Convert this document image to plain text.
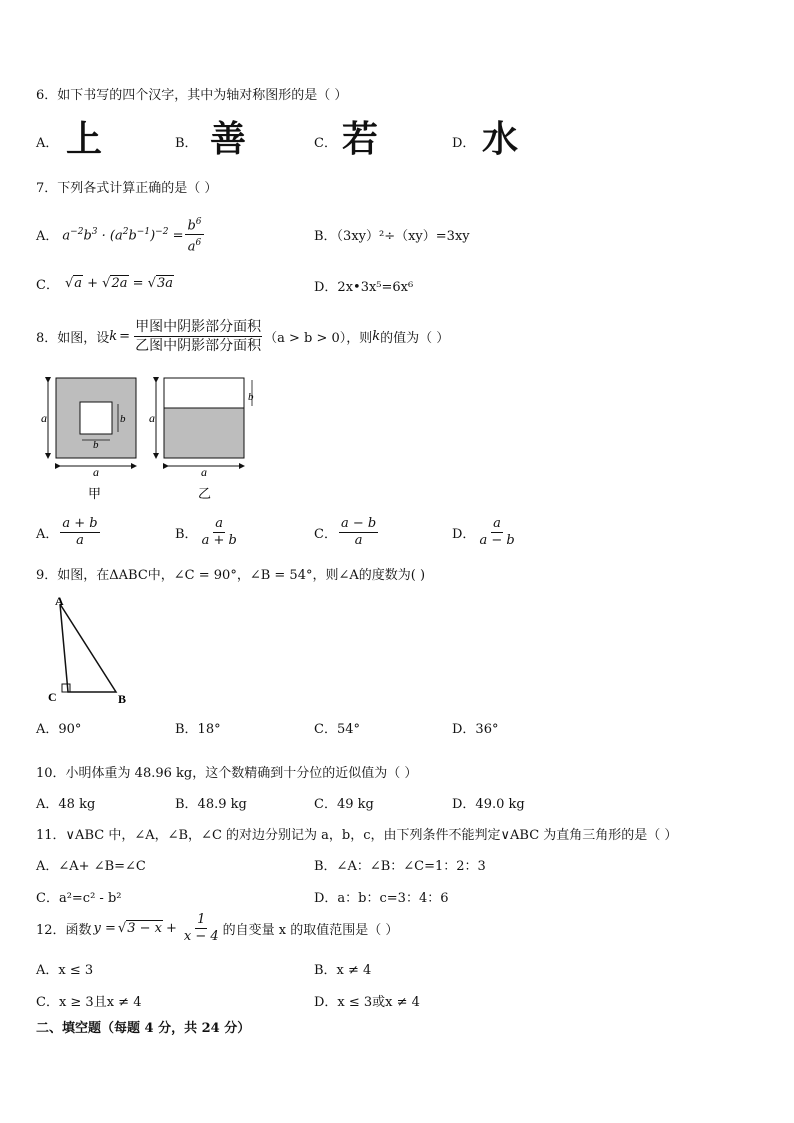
6．如下书写的四个汉字，其中为轴对称图形的是（ ）
A． 上	B． 善	C． 若	D． 水
7．下列各式计算正确的是（ ）
A． $a^{-2}b^3 \cdot (a^2b^{-1})^{-2} = \frac{b^6}{a^6}$	B．（3xy）²÷（xy）=3xy
C． √a + √2a = √3a	D．2x•3x⁵=6x⁶
8．如图，设 $k = \frac{\text{甲图中阴影部分面积}}{\text{乙图中阴影部分面积}} (a > b > 0)$，则 k 的值为（ ）
a
a
b
b
甲
a
a
b
乙
A． $\frac{a + b}{a}$	B． $\frac{a}{a + b}$	C． $\frac{a - b}{a}$	D． $\frac{a}{a - b}$
9．如图，在ΔABC中，∠C = 90°，∠B = 54°，则∠A的度数为( )
A
B
C
A．90°	B．18°	C．54°	D．36°
10．小明体重为 48.96 kg，这个数精确到十分位的近似值为（ ）
A．48 kg	B．48.9 kg	C．49 kg	D．49.0 kg
11．∨ABC 中，∠A，∠B，∠C 的对边分别记为 a，b，c，由下列条件不能判定∨ABC 为直角三角形的是（ ）
A．∠A+ ∠B=∠C	B．∠A：∠B：∠C=1：2：3
C．a²=c² - b²	D．a：b：c=3：4：6
12．函数 $y = √3 - x + \frac{1}{x - 4}$ 的自变量 x 的取值范围是（ ）
A．x ≤ 3	B．x ≠ 4
C．x ≥ 3且x ≠ 4	D．x ≤ 3或x ≠ 4
二、填空题（每题 4 分，共 24 分）
